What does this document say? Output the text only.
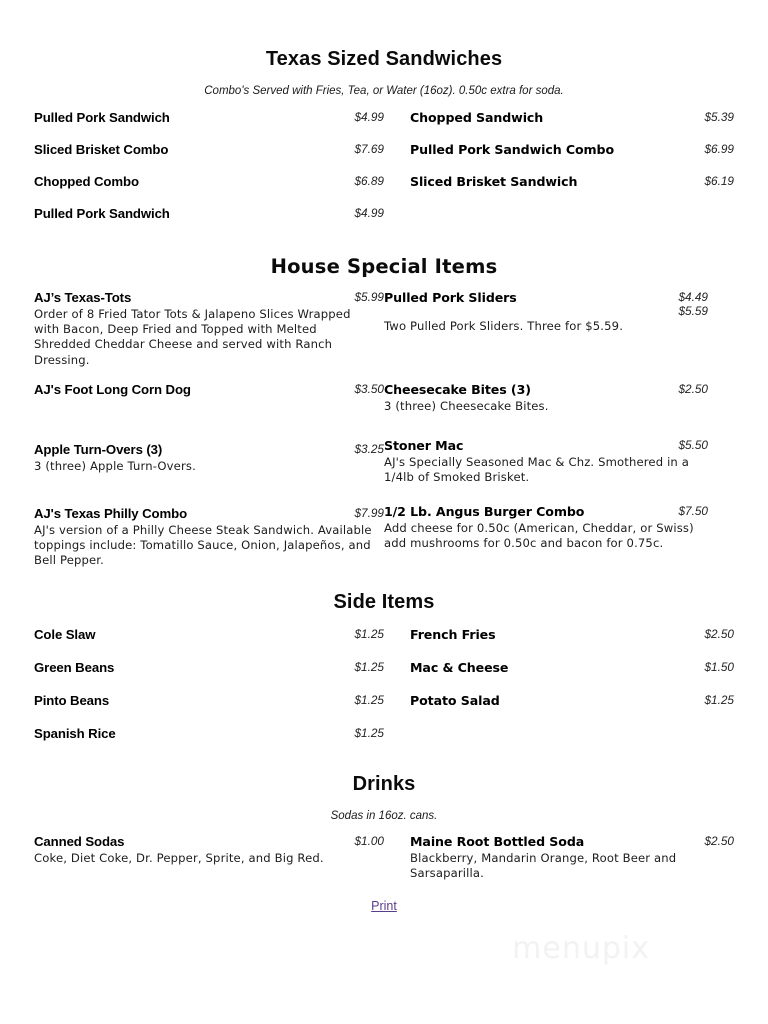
Texas Sized Sandwiches
Combo's Served with Fries, Tea, or Water (16oz). 0.50c extra for soda.
Pulled Pork Sandwich	$4.99
Sliced Brisket Combo	$7.69
Chopped Combo	$6.89
Pulled Pork Sandwich	$4.99
Chopped Sandwich	$5.39
Pulled Pork Sandwich Combo	$6.99
Sliced Brisket Sandwich	$6.19
House Special Items
AJ’s Texas-Tots	$5.99
Order of 8 Fried Tator Tots & Jalapeno Slices Wrapped with Bacon, Deep Fried and Topped with Melted Shredded Cheddar Cheese and served with Ranch Dressing.
AJ's Foot Long Corn Dog	$3.50
Apple Turn-Overs (3)	$3.25
3 (three) Apple Turn-Overs.
AJ's Texas Philly Combo	$7.99
AJ's version of a Philly Cheese Steak Sandwich. Available toppings include: Tomatillo Sauce, Onion, Jalapeños, and Bell Pepper.
Pulled Pork Sliders	$4.49
$5.59
Two Pulled Pork Sliders. Three for $5.59.
Cheesecake Bites (3)	$2.50
3 (three) Cheesecake Bites.
Stoner Mac	$5.50
AJ's Specially Seasoned Mac & Chz. Smothered in a 1/4lb of Smoked Brisket.
1/2 Lb. Angus Burger Combo	$7.50
Add cheese for 0.50c (American, Cheddar, or Swiss) add mushrooms for 0.50c and bacon for 0.75c.
Side Items
Cole Slaw	$1.25
Green Beans	$1.25
Pinto Beans	$1.25
Spanish Rice	$1.25
French Fries	$2.50
Mac & Cheese	$1.50
Potato Salad	$1.25
Drinks
Sodas in 16oz. cans.
Canned Sodas	$1.00
Coke, Diet Coke, Dr. Pepper, Sprite, and Big Red.
Maine Root Bottled Soda	$2.50
Blackberry, Mandarin Orange, Root Beer and Sarsaparilla.
Print
···· ····· ··· ·· ··
menupix
